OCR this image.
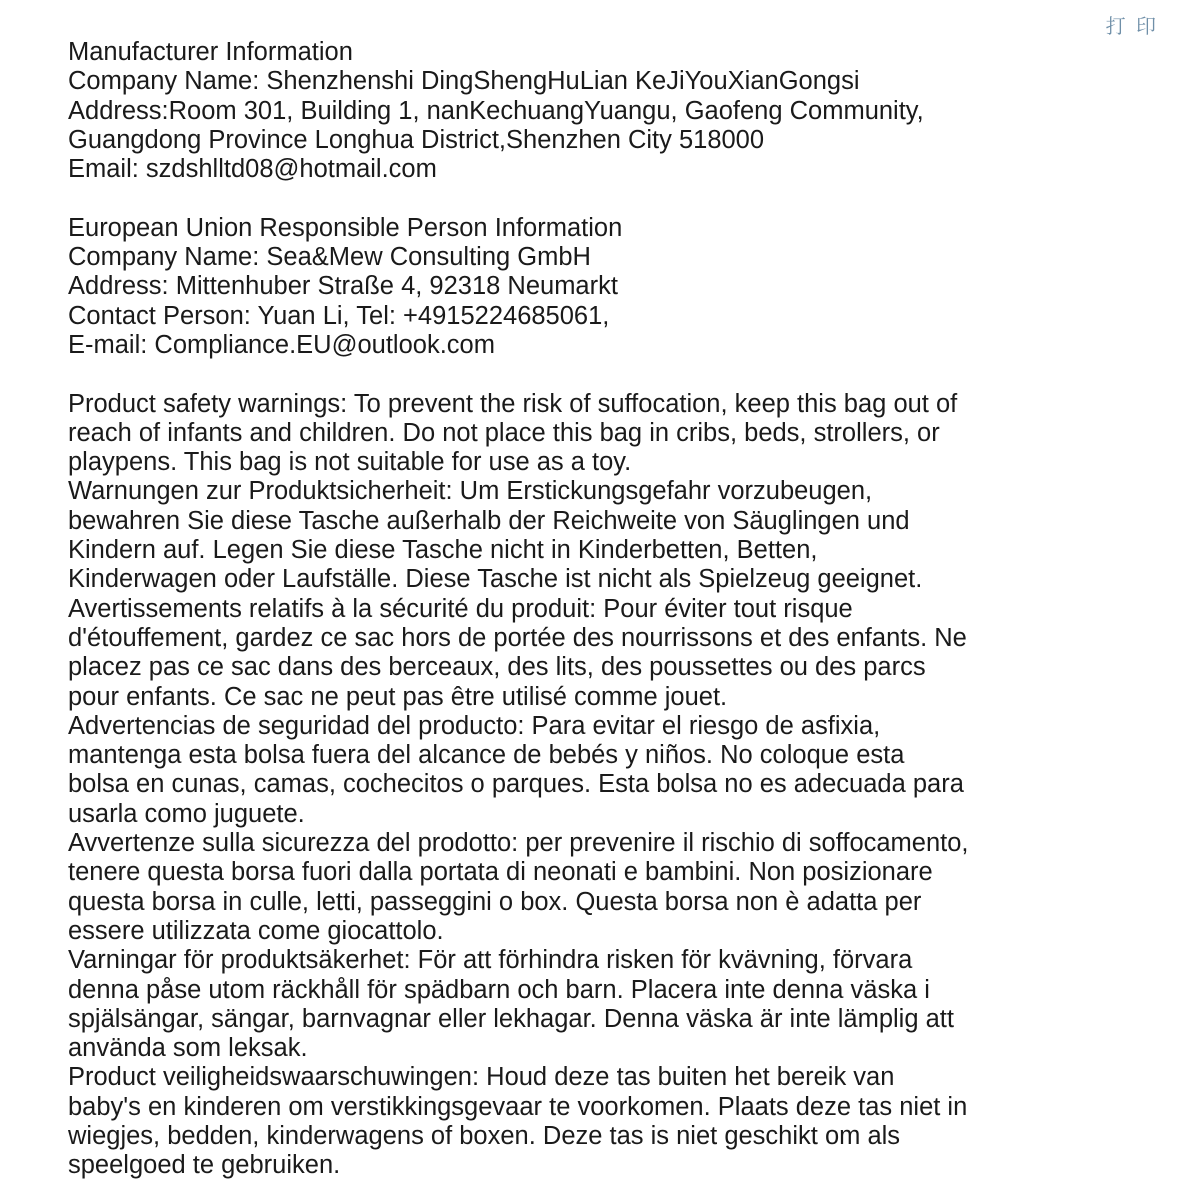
打 印

Manufacturer Information

Company Name: Shenzhenshi DingShengHuLian KeJiYouXianGongsi

Address:Room 301, Building 1, nanKechuangYuangu, Gaofeng Community,

Guangdong Province Longhua District,Shenzhen City 518000

Email: szdshlltd08@hotmail.com

European Union Responsible Person Information

Company Name: Sea&Mew Consulting GmbH

Address: Mittenhuber Straße 4, 92318 Neumarkt

Contact Person: Yuan Li, Tel: +4915224685061,

E-mail: Compliance.EU@outlook.com

Product safety warnings: To prevent the risk of suffocation, keep this bag out of

reach of infants and children. Do not place this bag in cribs, beds, strollers, or

playpens. This bag is not suitable for use as a toy.

Warnungen zur Produktsicherheit: Um Erstickungsgefahr vorzubeugen,

bewahren Sie diese Tasche außerhalb der Reichweite von Säuglingen und

Kindern auf. Legen Sie diese Tasche nicht in Kinderbetten, Betten,

Kinderwagen oder Laufställe. Diese Tasche ist nicht als Spielzeug geeignet.

Avertissements relatifs à la sécurité du produit: Pour éviter tout risque

d'étouffement, gardez ce sac hors de portée des nourrissons et des enfants. Ne

placez pas ce sac dans des berceaux, des lits, des poussettes ou des parcs

pour enfants. Ce sac ne peut pas être utilisé comme jouet.

Advertencias de seguridad del producto: Para evitar el riesgo de asfixia,

mantenga esta bolsa fuera del alcance de bebés y niños. No coloque esta

bolsa en cunas, camas, cochecitos o parques. Esta bolsa no es adecuada para

usarla como juguete.

Avvertenze sulla sicurezza del prodotto: per prevenire il rischio di soffocamento,

tenere questa borsa fuori dalla portata di neonati e bambini. Non posizionare

questa borsa in culle, letti, passeggini o box. Questa borsa non è adatta per

essere utilizzata come giocattolo.

Varningar för produktsäkerhet: För att förhindra risken för kvävning, förvara

denna påse utom räckhåll för spädbarn och barn. Placera inte denna väska i

spjälsängar, sängar, barnvagnar eller lekhagar. Denna väska är inte lämplig att

använda som leksak.

Product veiligheidswaarschuwingen: Houd deze tas buiten het bereik van

baby's en kinderen om verstikkingsgevaar te voorkomen. Plaats deze tas niet in

wiegjes, bedden, kinderwagens of boxen. Deze tas is niet geschikt om als

speelgoed te gebruiken.
